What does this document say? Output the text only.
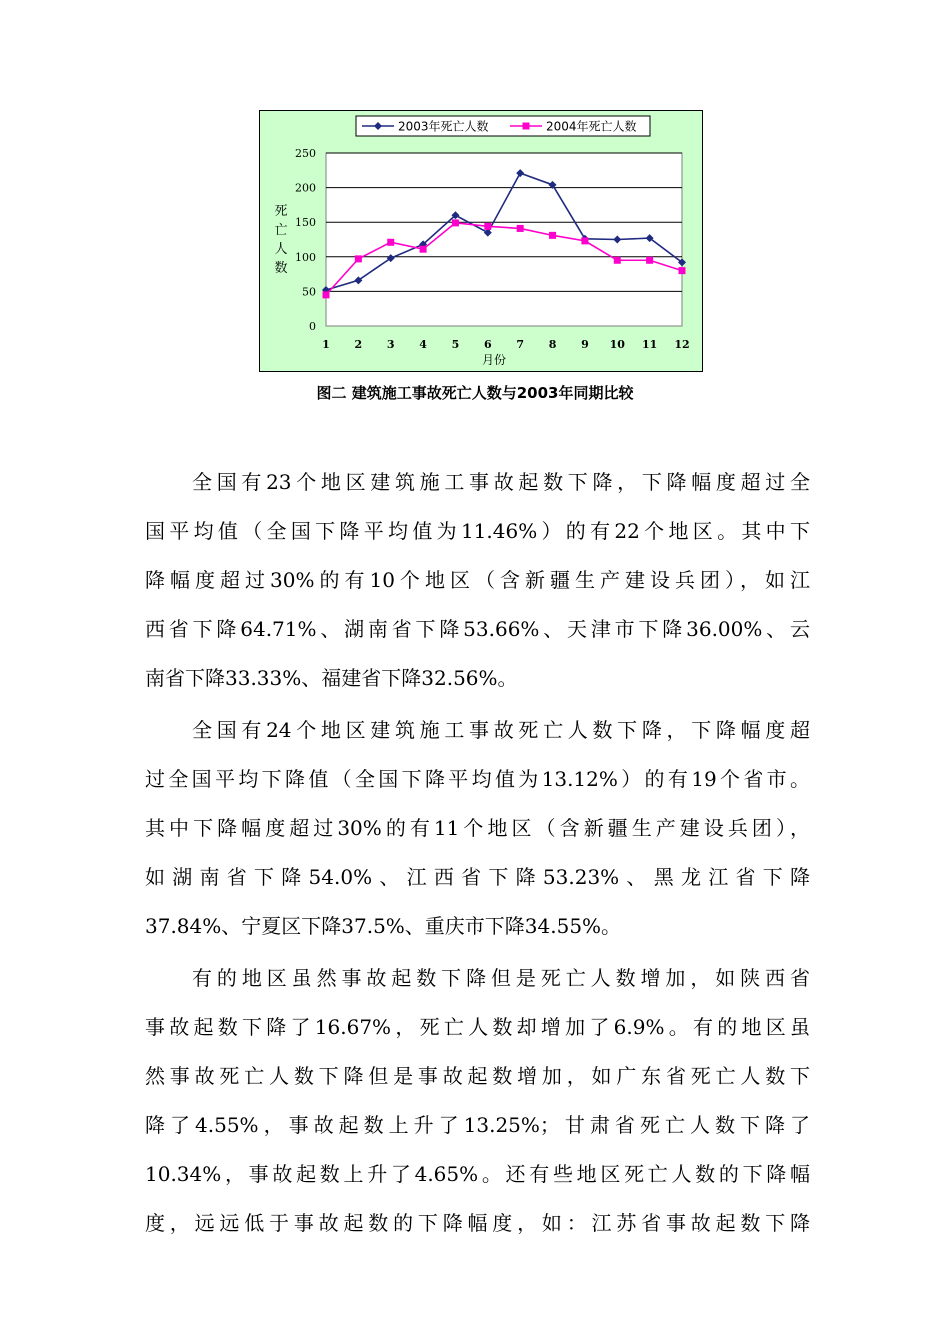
0
50
100
150
200
250
1 2 3 4 5 6 7 8 9 10 11 12
月份
死
亡
人
数
2003年死亡人数	2004年死亡人数
图二 建筑施工事故死亡人数与2003年同期比较
全国有23个地区建筑施工事故起数下降，下降幅度超过全
国平均值（全国下降平均值为11.46%）的有22个地区。其中下
降幅度超过30%的有10个地区（含新疆生产建设兵团），如江
西省下降64.71%、湖南省下降53.66%、天津市下降36.00%、云
南省下降33.33%、福建省下降32.56%。
全国有24个地区建筑施工事故死亡人数下降，下降幅度超
过全国平均下降值（全国下降平均值为13.12%）的有19个省市。
其中下降幅度超过30%的有11个地区（含新疆生产建设兵团），
如湖南省下降54.0%、江西省下降53.23%、黑龙江省下降
37.84%、宁夏区下降37.5%、重庆市下降34.55%。
有的地区虽然事故起数下降但是死亡人数增加，如陕西省
事故起数下降了16.67%，死亡人数却增加了6.9%。有的地区虽
然事故死亡人数下降但是事故起数增加，如广东省死亡人数下
降了4.55%，事故起数上升了13.25%；甘肃省死亡人数下降了
10.34%，事故起数上升了4.65%。还有些地区死亡人数的下降幅
度，远远低于事故起数的下降幅度，如：江苏省事故起数下降
